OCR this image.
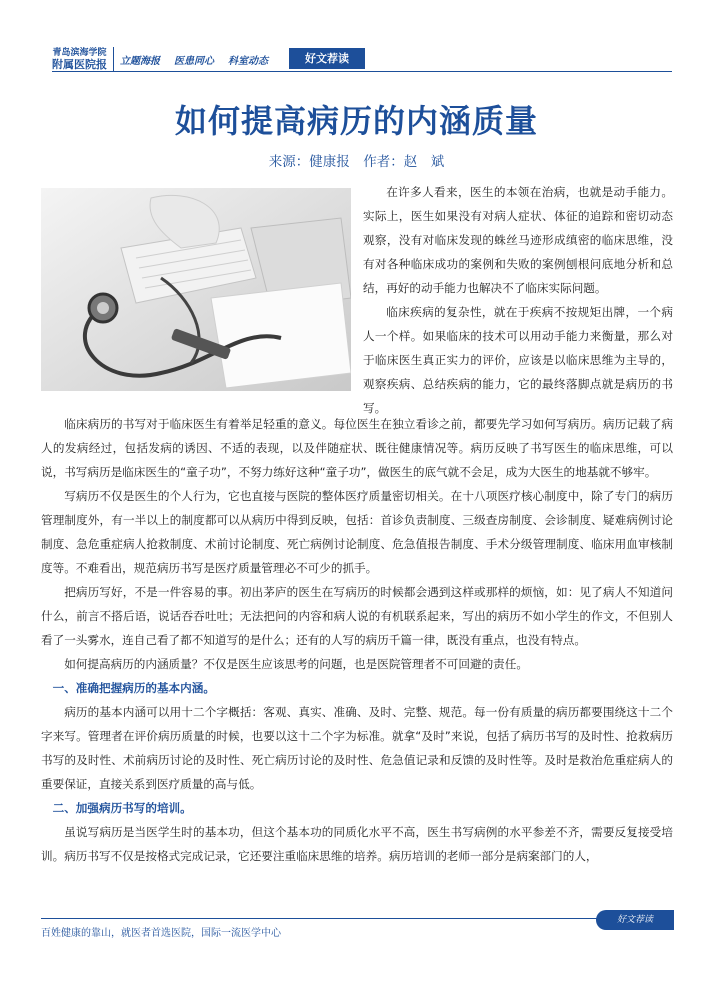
青岛滨海学院
附属医院报 立题海报 医患同心 科室动态	好文荐读
如何提高病历的内涵质量
来源：健康报　作者：赵　斌

在许多人看来，医生的本领在治病，也就是动手能力。实际上，医生如果没有对病人症状、体征的追踪和密切动态观察，没有对临床发现的蛛丝马迹形成缜密的临床思维，没有对各种临床成功的案例和失败的案例刨根问底地分析和总结，再好的动手能力也解决不了临床实际问题。

临床疾病的复杂性，就在于疾病不按规矩出牌，一个病人一个样。如果临床的技术可以用动手能力来衡量，那么对于临床医生真正实力的评价，应该是以临床思维为主导的，观察疾病、总结疾病的能力，它的最终落脚点就是病历的书写。

临床病历的书写对于临床医生有着举足轻重的意义。每位医生在独立看诊之前，都要先学习如何写病历。病历记载了病人的发病经过，包括发病的诱因、不适的表现，以及伴随症状、既往健康情况等。病历反映了书写医生的临床思维，可以说，书写病历是临床医生的“童子功”，不努力练好这种“童子功”，做医生的底气就不会足，成为大医生的地基就不够牢。

写病历不仅是医生的个人行为，它也直接与医院的整体医疗质量密切相关。在十八项医疗核心制度中，除了专门的病历管理制度外，有一半以上的制度都可以从病历中得到反映，包括：首诊负责制度、三级查房制度、会诊制度、疑难病例讨论制度、急危重症病人抢救制度、术前讨论制度、死亡病例讨论制度、危急值报告制度、手术分级管理制度、临床用血审核制度等。不难看出，规范病历书写是医疗质量管理必不可少的抓手。

把病历写好，不是一件容易的事。初出茅庐的医生在写病历的时候都会遇到这样或那样的烦恼，如：见了病人不知道问什么，前言不搭后语，说话吞吞吐吐；无法把问的内容和病人说的有机联系起来，写出的病历不如小学生的作文，不但别人看了一头雾水，连自己看了都不知道写的是什么；还有的人写的病历千篇一律，既没有重点，也没有特点。

如何提高病历的内涵质量？不仅是医生应该思考的问题，也是医院管理者不可回避的责任。

一、准确把握病历的基本内涵。

病历的基本内涵可以用十二个字概括：客观、真实、准确、及时、完整、规范。每一份有质量的病历都要围绕这十二个字来写。管理者在评价病历质量的时候，也要以这十二个字为标准。就拿“及时”来说，包括了病历书写的及时性、抢救病历书写的及时性、术前病历讨论的及时性、死亡病历讨论的及时性、危急值记录和反馈的及时性等。及时是救治危重症病人的重要保证，直接关系到医疗质量的高与低。

二、加强病历书写的培训。

虽说写病历是当医学生时的基本功，但这个基本功的同质化水平不高，医生书写病例的水平参差不齐，需要反复接受培训。病历书写不仅是按格式完成记录，它还要注重临床思维的培养。病历培训的老师一部分是病案部门的人，

百姓健康的靠山，就医者首选医院，国际一流医学中心
好文荐读
